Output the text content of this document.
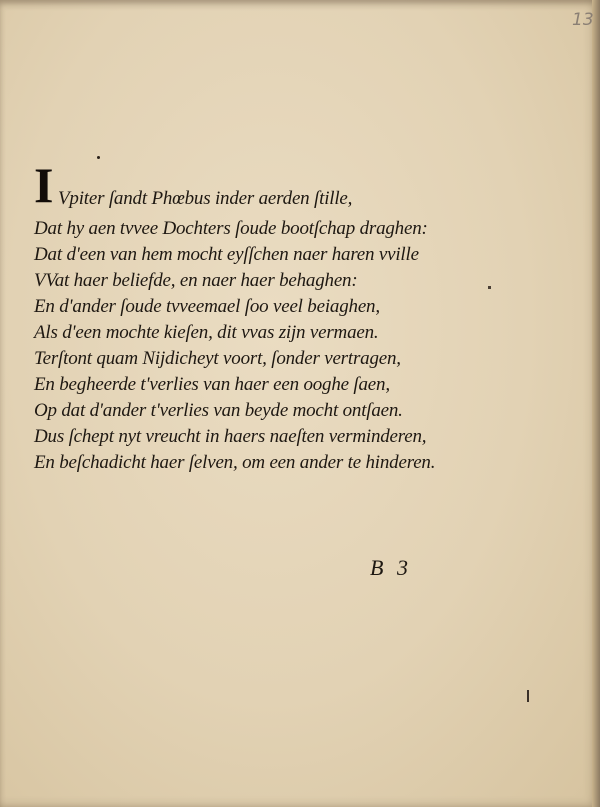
13
I Vpiter ſandt Phœbus inder aerden ſtille,
Dat hy aen tvvee Dochters ſoude bootſchap draghen:
Dat d'een van hem mocht eyſſchen naer haren vville
VVat haer beliefde, en naer haer behaghen:
En d'ander ſoude tvveemael ſoo veel beiaghen,
Als d'een mochte kieſen, dit vvas zijn vermaen.
Terſtont quam Nijdicheyt voort, ſonder vertragen,
En begheerde t'verlies van haer een ooghe ſaen,
Op dat d'ander t'verlies van beyde mocht ontſaen.
Dus ſchept nyt vreucht in haers naeſten verminderen,
En beſchadicht haer ſelven, om een ander te hinderen.
B 3
